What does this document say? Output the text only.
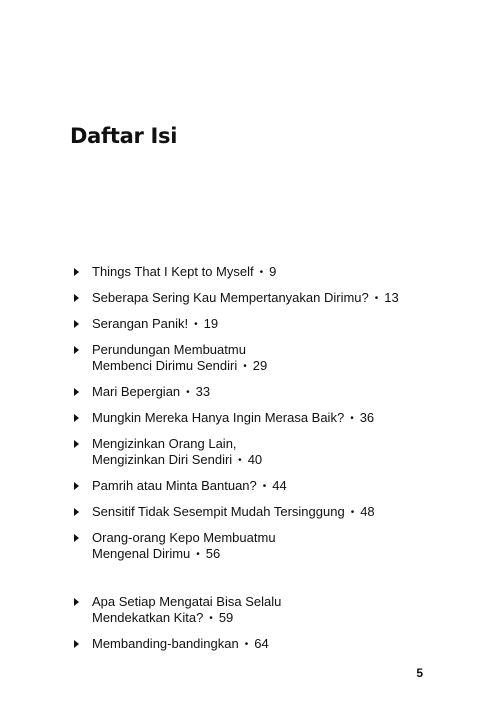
Daftar Isi
Things That I Kept to Myself • 9
Seberapa Sering Kau Mempertanyakan Dirimu? • 13
Serangan Panik! • 19
Perundungan Membuatmu
Membenci Dirimu Sendiri • 29
Mari Bepergian • 33
Mungkin Mereka Hanya Ingin Merasa Baik? • 36
Mengizinkan Orang Lain,
Mengizinkan Diri Sendiri • 40
Pamrih atau Minta Bantuan? • 44
Sensitif Tidak Sesempit Mudah Tersinggung • 48
Orang-orang Kepo Membuatmu
Mengenal Dirimu • 56
Apa Setiap Mengatai Bisa Selalu
Mendekatkan Kita? • 59
Membanding-bandingkan • 64
5
